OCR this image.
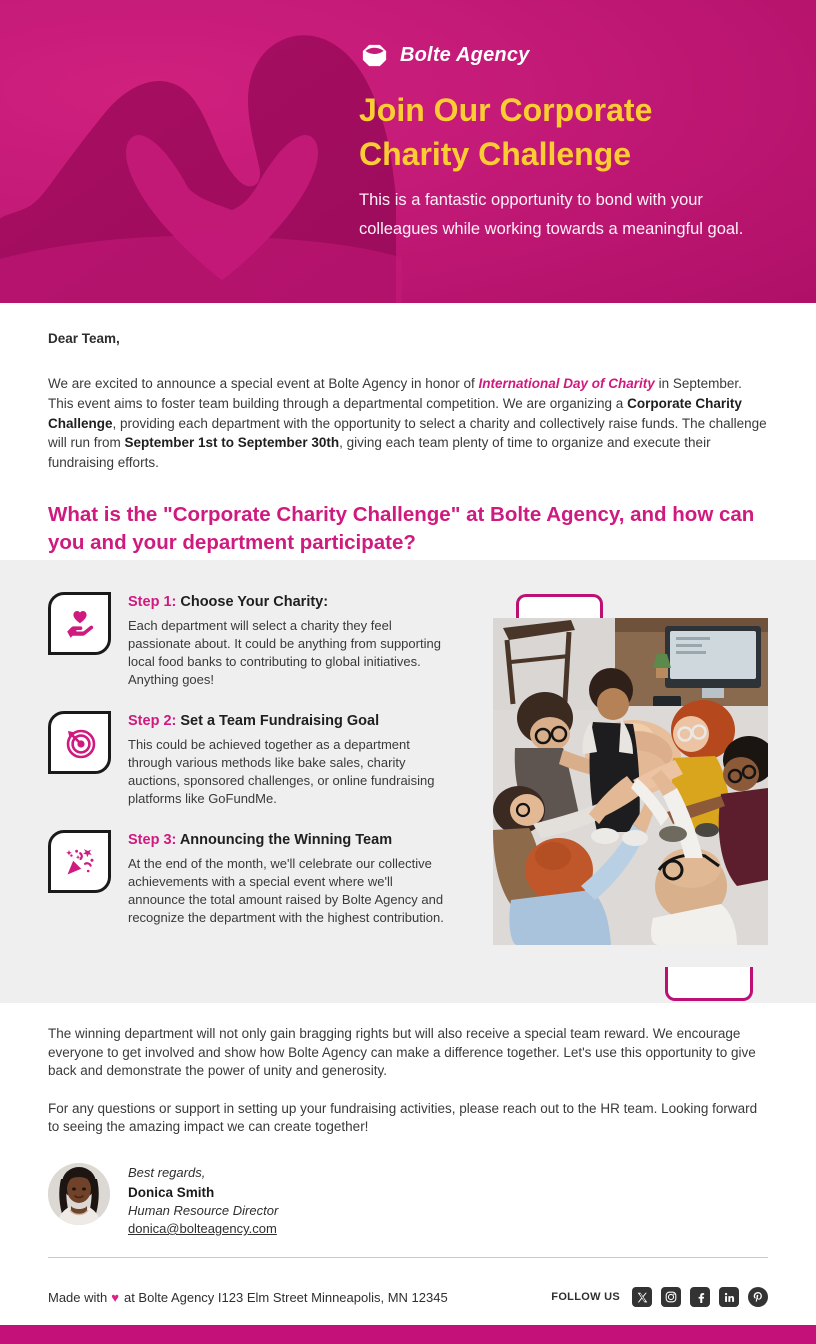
Bolte Agency
Join Our Corporate Charity Challenge
This is a fantastic opportunity to bond with your colleagues while working towards a meaningful goal.
Dear Team,
We are excited to announce a special event at Bolte Agency in honor of International Day of Charity in September. This event aims to foster team building through a departmental competition. We are organizing a Corporate Charity Challenge, providing each department with the opportunity to select a charity and collectively raise funds. The challenge will run from September 1st to September 30th, giving each team plenty of time to organize and execute their fundraising efforts.
What is the "Corporate Charity Challenge" at Bolte Agency, and how can you and your department participate?
Step 1: Choose Your Charity:
Each department will select a charity they feel passionate about. It could be anything from supporting local food banks to contributing to global initiatives. Anything goes!
Step 2: Set a Team Fundraising Goal
This could be achieved together as a department through various methods like bake sales, charity auctions, sponsored challenges, or online fundraising platforms like GoFundMe.
Step 3: Announcing the Winning Team
At the end of the month, we'll celebrate our collective achievements with a special event where we'll announce the total amount raised by Bolte Agency and recognize the department with the highest contribution.

The winning department will not only gain bragging rights but will also receive a special team reward. We encourage everyone to get involved and show how Bolte Agency can make a difference together. Let's use this opportunity to give back and demonstrate the power of unity and generosity.

For any questions or support in setting up your fundraising activities, please reach out to the HR team. Looking forward to seeing the amazing impact we can create together!

Best regards,
Donica Smith
Human Resource Director
donica@bolteagency.com
Made with ♥ at Bolte Agency I123 Elm Street Minneapolis, MN 12345	FOLLOW US
